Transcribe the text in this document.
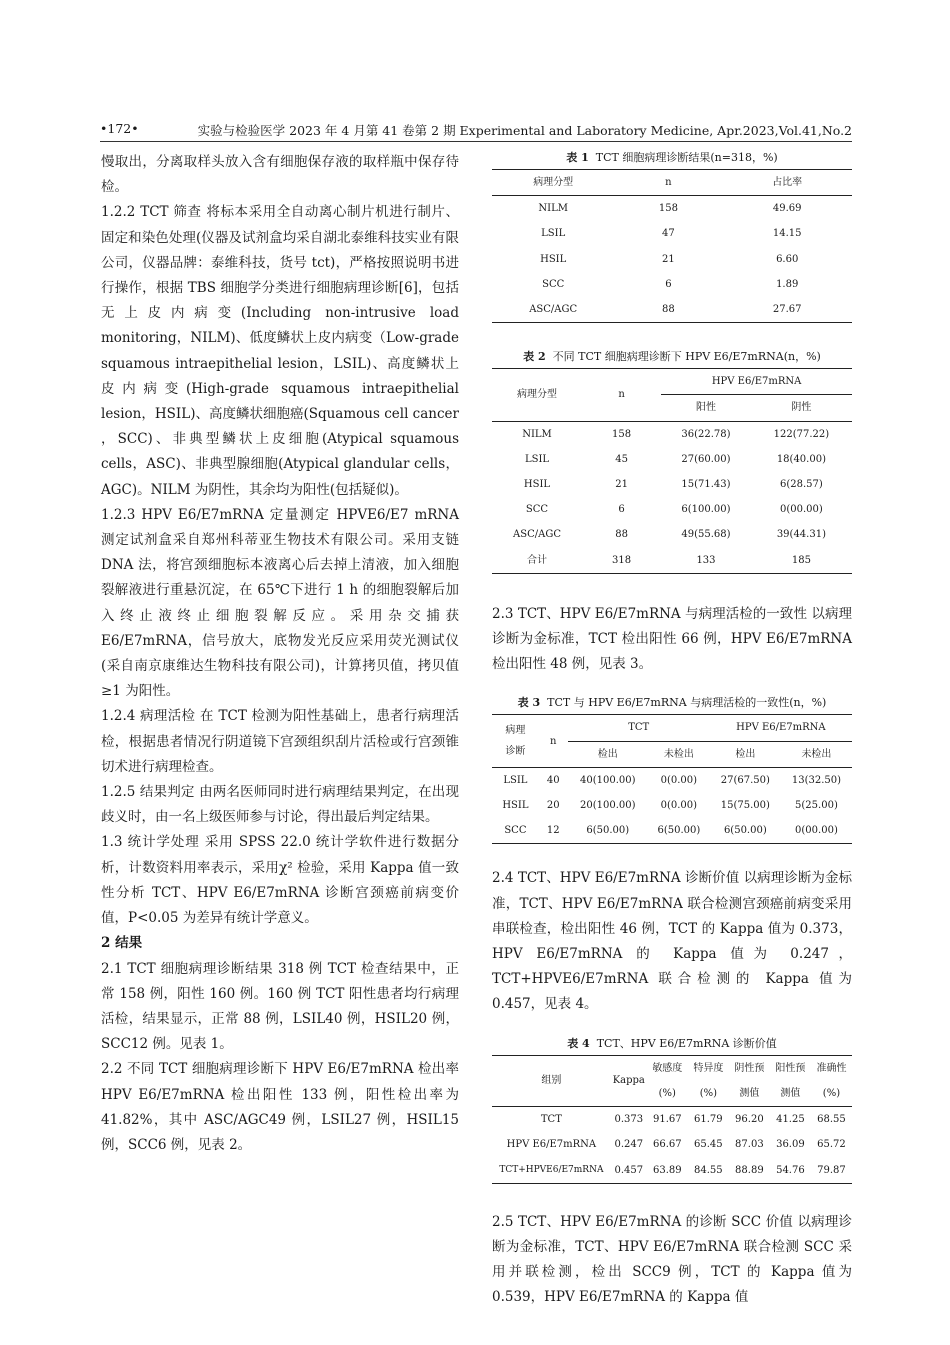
•172•	实验与检验医学 2023 年 4 月第 41 卷第 2 期 Experimental and Laboratory Medicine, Apr.2023,Vol.41,No.2

慢取出，分离取样头放入含有细胞保存液的取样瓶中保存待检。

1.2.2 TCT 筛查 将标本采用全自动离心制片机进行制片、固定和染色处理(仪器及试剂盒均采自湖北泰维科技实业有限公司，仪器品牌：泰维科技，货号 tct)，严格按照说明书进行操作，根据 TBS 细胞学分类进行细胞病理诊断[6]，包括无上皮内病变(Including non-intrusive load monitoring，NILM)、低度鳞状上皮内病变（Low-grade squamous intraepithelial lesion，LSIL)、高度鳞状上皮内病变(High-grade squamous intraepithelial lesion，HSIL)、高度鳞状细胞癌(Squamous cell cancer ，SCC)、非典型鳞状上皮细胞(Atypical squamous cells，ASC)、非典型腺细胞(Atypical glandular cells，AGC)。NILM 为阴性，其余均为阳性(包括疑似)。

1.2.3 HPV E6/E7mRNA 定量测定 HPVE6/E7 mRNA 测定试剂盒采自郑州科蒂亚生物技术有限公司。采用支链 DNA 法，将宫颈细胞标本液离心后去掉上清液，加入细胞裂解液进行重悬沉淀，在 65℃下进行 1 h 的细胞裂解后加入终止液终止细胞裂解反应。采用杂交捕获 E6/E7mRNA，信号放大，底物发光反应采用荧光测试仪(采自南京康维达生物科技有限公司)，计算拷贝值，拷贝值≥1 为阳性。

1.2.4 病理活检 在 TCT 检测为阳性基础上，患者行病理活检，根据患者情况行阴道镜下宫颈组织刮片活检或行宫颈锥切术进行病理检查。

1.2.5 结果判定 由两名医师同时进行病理结果判定，在出现歧义时，由一名上级医师参与讨论，得出最后判定结果。

1.3 统计学处理 采用 SPSS 22.0 统计学软件进行数据分析，计数资料用率表示，采用χ² 检验，采用 Kappa 值一致性分析 TCT、HPV E6/E7mRNA 诊断宫颈癌前病变价值，P<0.05 为差异有统计学意义。

2 结果

2.1 TCT 细胞病理诊断结果 318 例 TCT 检查结果中，正常 158 例，阳性 160 例。160 例 TCT 阳性患者均行病理活检，结果显示，正常 88 例，LSIL40 例，HSIL20 例，SCC12 例。见表 1。

2.2 不同 TCT 细胞病理诊断下 HPV E6/E7mRNA 检出率 HPV E6/E7mRNA 检出阳性 133 例，阳性检出率为 41.82%，其中 ASC/AGC49 例，LSIL27 例，HSIL15 例，SCC6 例，见表 2。

表 1 TCT 细胞病理诊断结果(n=318，%)
病理分型	n	占比率
NILM	158	49.69
LSIL	47	14.15
HSIL	21	6.60
SCC	6	1.89
ASC/AGC	88	27.67
表 2 不同 TCT 细胞病理诊断下 HPV E6/E7mRNA(n，%)
病理分型	n	HPV E6/E7mRNA	
		阳性	阴性
NILM	158	36(22.78)	122(77.22)
LSIL	45	27(60.00)	18(40.00)
HSIL	21	15(71.43)	6(28.57)
SCC	6	6(100.00)	0(00.00)
ASC/AGC	88	49(55.68)	39(44.31)
合计	318	133	185

2.3 TCT、HPV E6/E7mRNA 与病理活检的一致性 以病理诊断为金标准，TCT 检出阳性 66 例，HPV E6/E7mRNA 检出阳性 48 例，见表 3。

表 3 TCT 与 HPV E6/E7mRNA 与病理活检的一致性(n，%)
病理
诊断	n	TCT		HPV E6/E7mRNA	
		检出	未检出	检出	未检出
LSIL	40	40(100.00)	0(0.00)	27(67.50)	13(32.50)
HSIL	20	20(100.00)	0(0.00)	15(75.00)	5(25.00)
SCC	12	6(50.00)	6(50.00)	6(50.00)	0(00.00)

2.4 TCT、HPV E6/E7mRNA 诊断价值 以病理诊断为金标准，TCT、HPV E6/E7mRNA 联合检测宫颈癌前病变采用串联检查，检出阳性 46 例，TCT 的 Kappa 值为 0.373，HPV E6/E7mRNA 的 Kappa 值为 0.247，TCT+HPVE6/E7mRNA 联合检测的 Kappa 值为 0.457，见表 4。

表 4 TCT、HPV E6/E7mRNA 诊断价值
组别	Kappa	敏感度	特异度	阴性预	阳性预	准确性
		(%)	(%)	测值	测值	(%)
TCT	0.373	91.67	61.79	96.20	41.25	68.55
HPV E6/E7mRNA	0.247	66.67	65.45	87.03	36.09	65.72
TCT+HPVE6/E7mRNA	0.457	63.89	84.55	88.89	54.76	79.87

2.5 TCT、HPV E6/E7mRNA 的诊断 SCC 价值 以病理诊断为金标准，TCT、HPV E6/E7mRNA 联合检测 SCC 采用并联检测，检出 SCC9 例，TCT 的 Kappa 值为 0.539，HPV E6/E7mRNA 的 Kappa 值
